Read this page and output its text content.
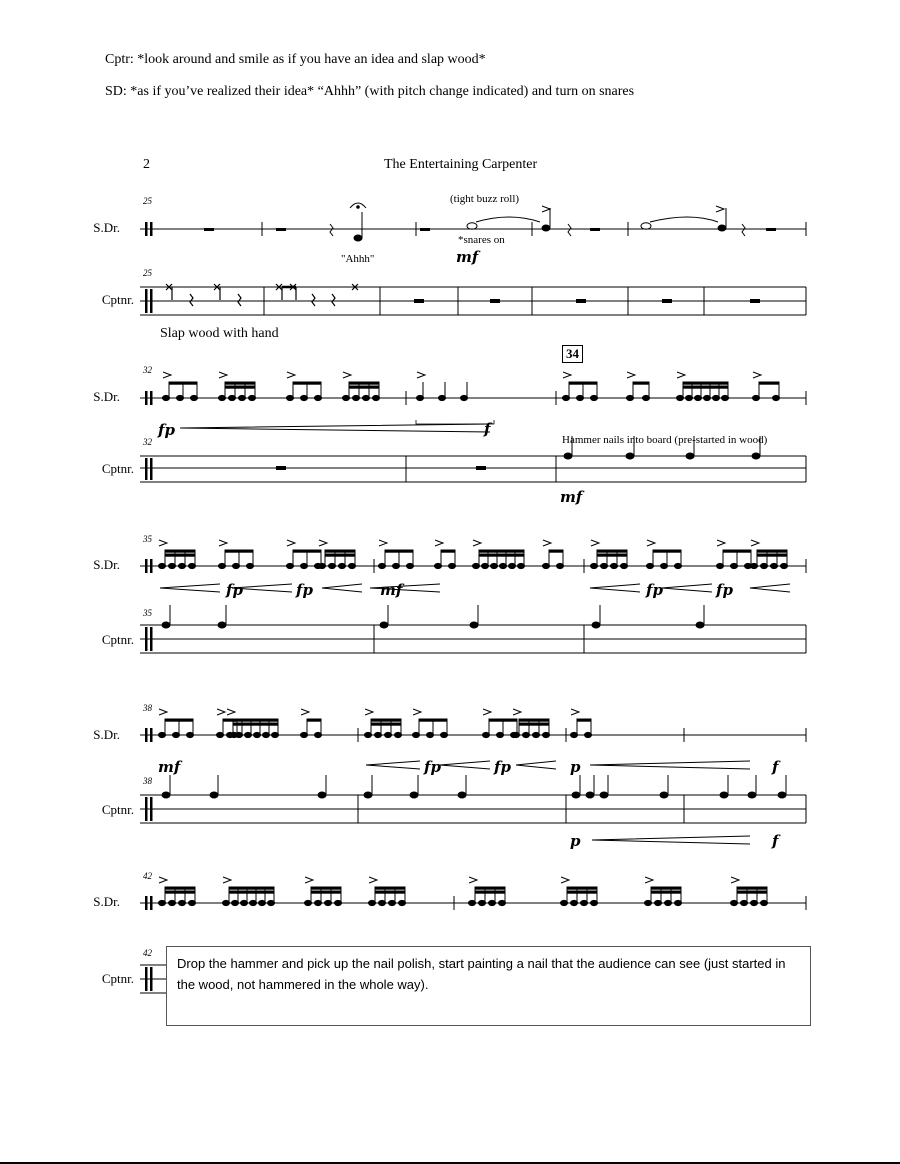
Cptr: *look around and smile as if you have an idea and slap wood*
SD: *as if you’ve realized their idea* “Ahhh” (with pitch change indicated) and turn on snares
2	The Entertaining Carpenter
S.Dr.
Cptnr.
S.Dr.
Cptnr.
S.Dr.
Cptnr.
S.Dr.
Cptnr.
S.Dr.
Cptnr.
25
25
32
32
35
35
38
38
42
42
(tight buzz roll)
*snares on
"Ahhh"	mf
Slap wood with hand
34
fp	f
Hammer nails into board (pre-started in wood)
mf
fp	fp	mf	fp	fp
mf	fp	fp	p	f
p	f
Drop the hammer and pick up the nail polish, start painting a nail that the audience can see (just started in the wood, not hammered in the whole way).
